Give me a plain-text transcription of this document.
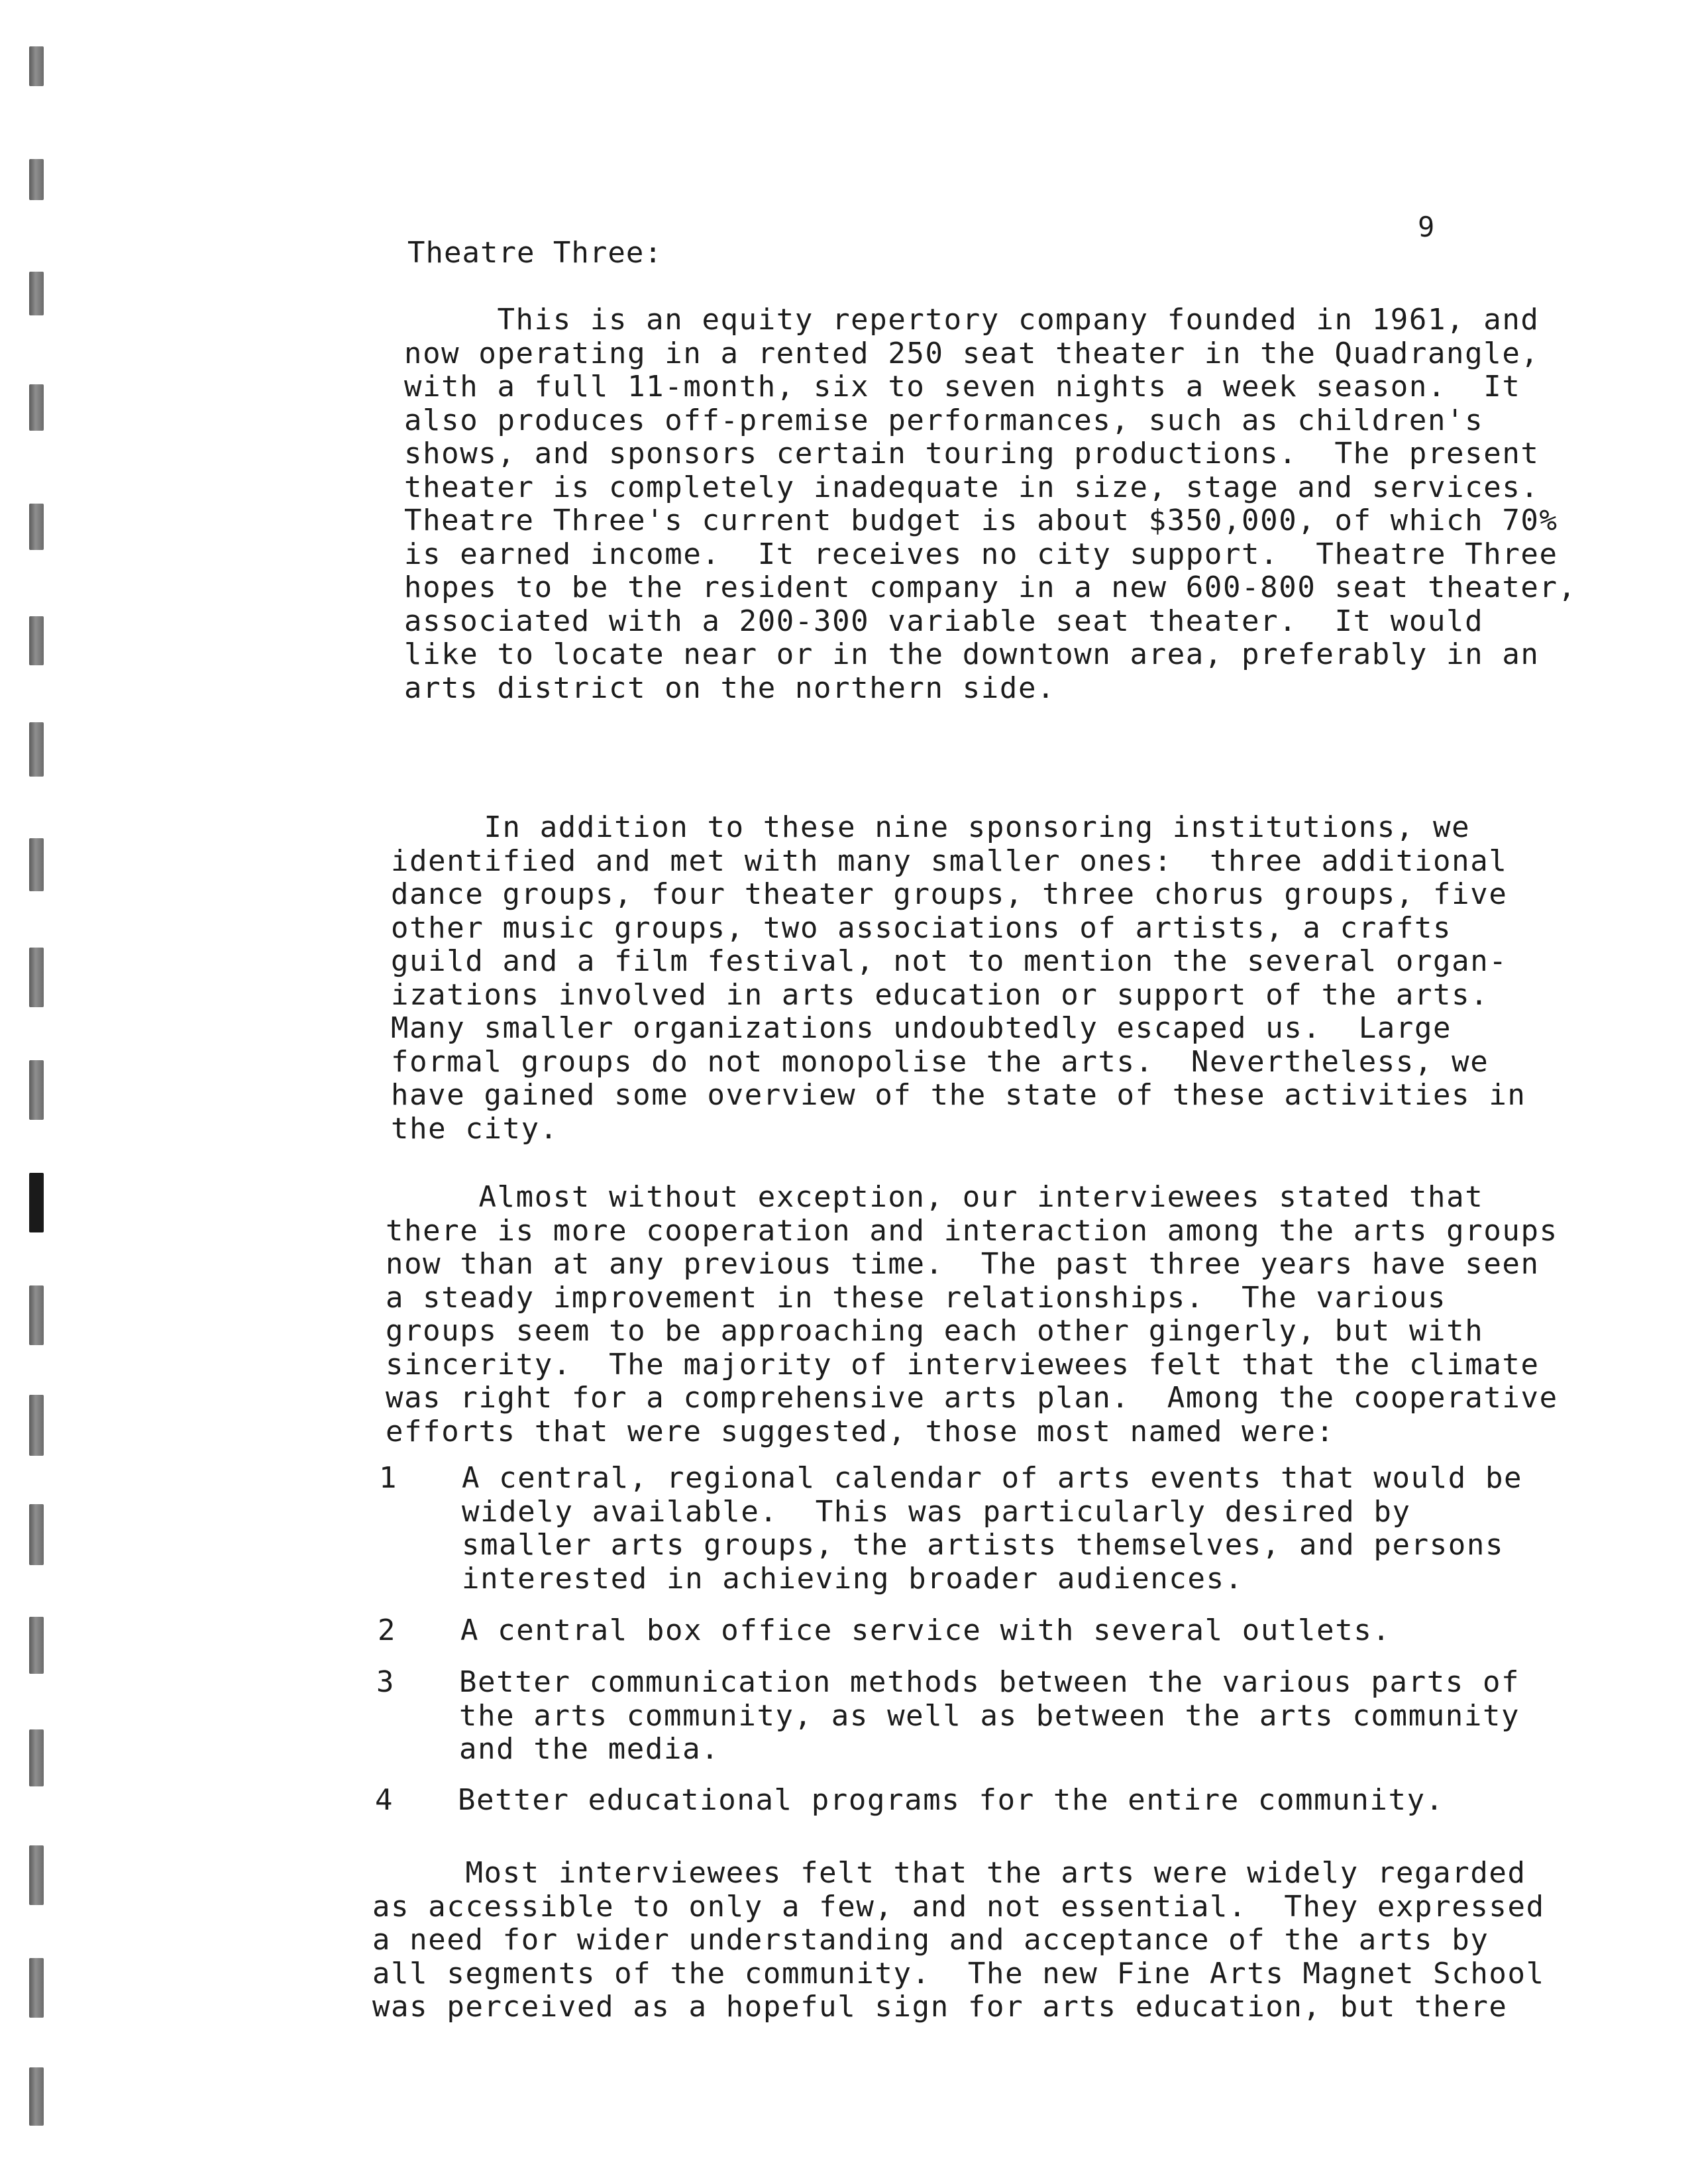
9
Theatre Three:
This is an equity repertory company founded in 1961, and
now operating in a rented 250 seat theater in the Quadrangle,
with a full 11-month, six to seven nights a week season.  It
also produces off-premise performances, such as children's
shows, and sponsors certain touring productions.  The present
theater is completely inadequate in size, stage and services.
Theatre Three's current budget is about $350,000, of which 70%
is earned income.  It receives no city support.  Theatre Three
hopes to be the resident company in a new 600-800 seat theater,
associated with a 200-300 variable seat theater.  It would
like to locate near or in the downtown area, preferably in an
arts district on the northern side.
In addition to these nine sponsoring institutions, we
identified and met with many smaller ones:  three additional
dance groups, four theater groups, three chorus groups, five
other music groups, two associations of artists, a crafts
guild and a film festival, not to mention the several organ-
izations involved in arts education or support of the arts.
Many smaller organizations undoubtedly escaped us.  Large
formal groups do not monopolise the arts.  Nevertheless, we
have gained some overview of the state of these activities in
the city.
Almost without exception, our interviewees stated that
there is more cooperation and interaction among the arts groups
now than at any previous time.  The past three years have seen
a steady improvement in these relationships.  The various
groups seem to be approaching each other gingerly, but with
sincerity.  The majority of interviewees felt that the climate
was right for a comprehensive arts plan.  Among the cooperative
efforts that were suggested, those most named were:
1 A central, regional calendar of arts events that would be
widely available.  This was particularly desired by
smaller arts groups, the artists themselves, and persons
interested in achieving broader audiences.
2 A central box office service with several outlets.
3 Better communication methods between the various parts of
the arts community, as well as between the arts community
and the media.
4 Better educational programs for the entire community.
Most interviewees felt that the arts were widely regarded
as accessible to only a few, and not essential.  They expressed
a need for wider understanding and acceptance of the arts by
all segments of the community.  The new Fine Arts Magnet School
was perceived as a hopeful sign for arts education, but there
